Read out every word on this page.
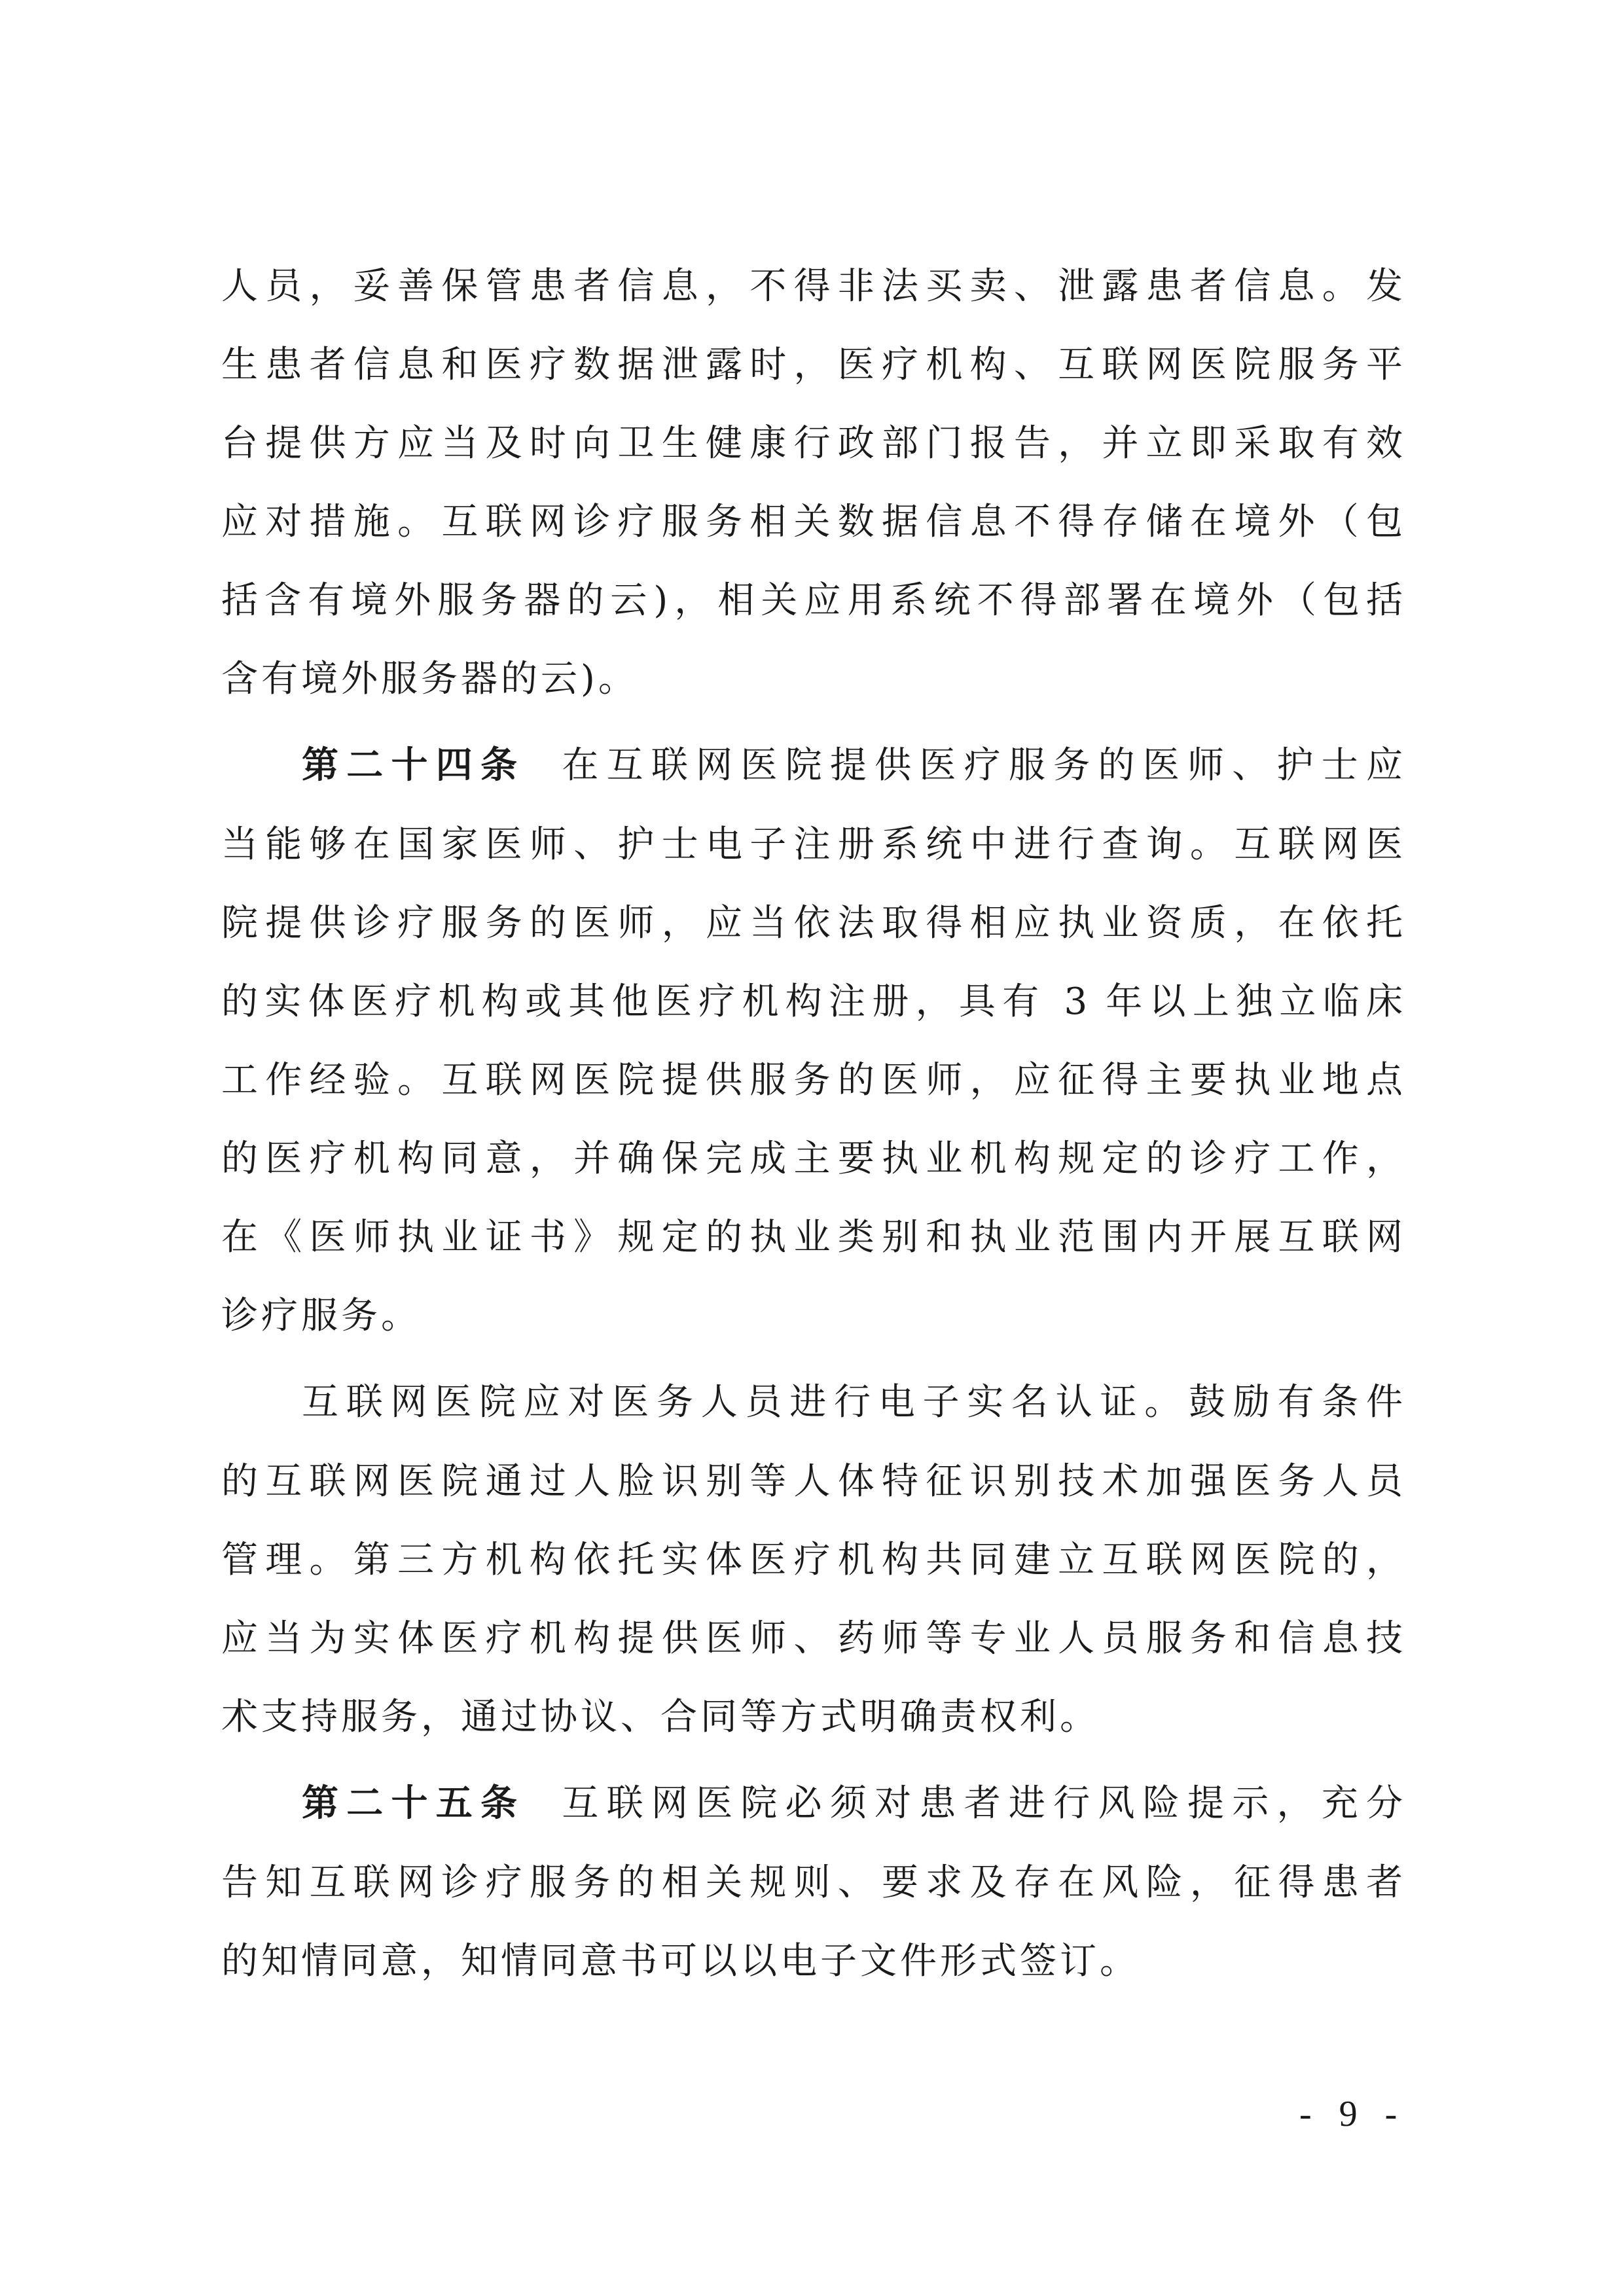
人员，妥善保管患者信息，不得非法买卖、泄露患者信息。发
生患者信息和医疗数据泄露时，医疗机构、互联网医院服务平
台提供方应当及时向卫生健康行政部门报告，并立即采取有效
应对措施。互联网诊疗服务相关数据信息不得存储在境外（包
括含有境外服务器的云)，相关应用系统不得部署在境外（包括
含有境外服务器的云)。
第二十四条 在互联网医院提供医疗服务的医师、护士应
当能够在国家医师、护士电子注册系统中进行查询。互联网医
院提供诊疗服务的医师，应当依法取得相应执业资质，在依托
的实体医疗机构或其他医疗机构注册，具有 3 年以上独立临床
工作经验。互联网医院提供服务的医师，应征得主要执业地点
的医疗机构同意，并确保完成主要执业机构规定的诊疗工作，
在《医师执业证书》规定的执业类别和执业范围内开展互联网
诊疗服务。
互联网医院应对医务人员进行电子实名认证。鼓励有条件
的互联网医院通过人脸识别等人体特征识别技术加强医务人员
管理。第三方机构依托实体医疗机构共同建立互联网医院的，
应当为实体医疗机构提供医师、药师等专业人员服务和信息技
术支持服务，通过协议、合同等方式明确责权利。
第二十五条 互联网医院必须对患者进行风险提示，充分
告知互联网诊疗服务的相关规则、要求及存在风险，征得患者
的知情同意，知情同意书可以以电子文件形式签订。
- 9 -
